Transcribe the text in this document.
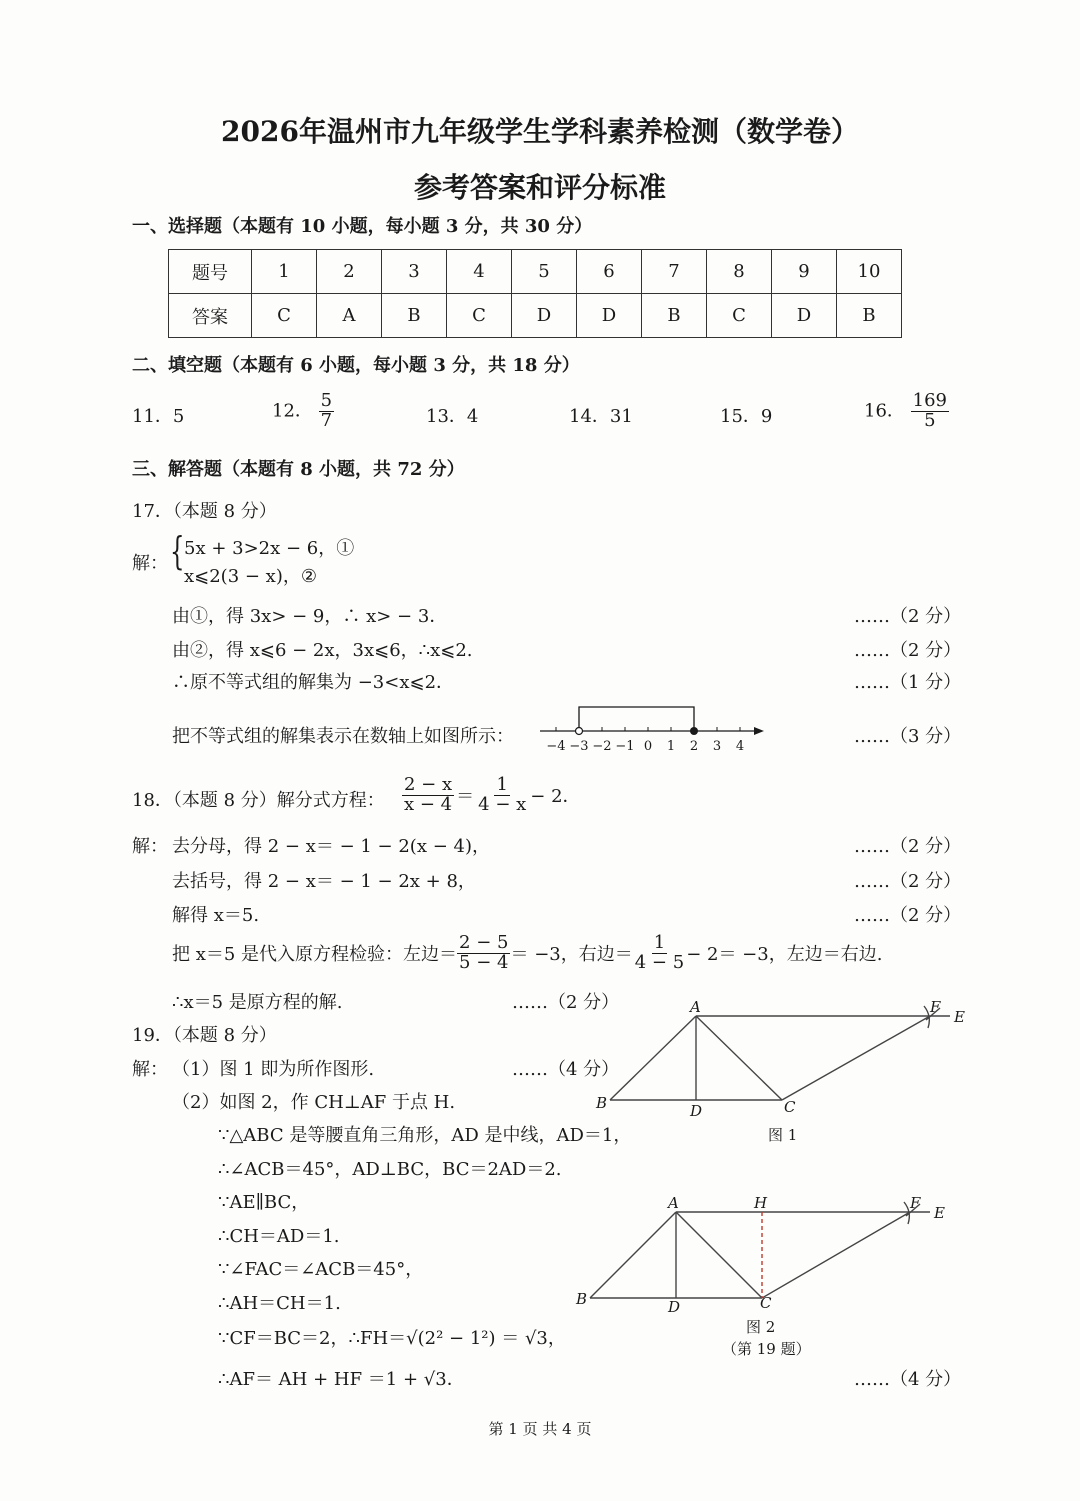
2026年温州市九年级学生学科素养检测（数学卷）
参考答案和评分标准
一、选择题（本题有 10 小题，每小题 3 分，共 30 分）
题号	1	2	3	4	5	6	7	8	9	10
答案	C	A	B	C	D	D	B	C	D	B
二、填空题（本题有 6 小题，每小题 3 分，共 18 分）
11．5	12． $\frac{5}{7}$	13．4	14．31	15．9	16． $\frac{169}{5}$
三、解答题（本题有 8 小题，共 72 分）
17．（本题 8 分）
解： { 5x + 3>2x − 6，①
x⩽2(3 − x)，②
由①，得 3x> − 9，∴ x> − 3．	……（2 分）
由②，得 x⩽6 − 2x，3x⩽6，∴x⩽2.	……（2 分）
∴原不等式组的解集为 −3<x⩽2．	……（1 分）
把不等式组的解集表示在数轴上如图所示：	……（3 分）
−4 −3 −2 −1 0 1 2 3 4
18．（本题 8 分）解分式方程： $\frac{2 - x}{x - 4} = \frac{1}{4 - x} - 2$．
解： 去分母，得 2 − x＝ − 1 − 2(x − 4)，	……（2 分）
去括号，得 2 − x＝ − 1 − 2x + 8，	……（2 分）
解得 x＝5.	……（2 分）
把 x＝5 是代入原方程检验：左边＝ $\frac{2 - 5}{5 - 4} = -3$，右边＝ $\frac{1}{4 - 5} - 2= -3$，左边＝右边.
∴x＝5 是原方程的解.	……（2 分）
19．（本题 8 分）
解： （1）图 1 即为所作图形.	……（4 分）
（2）如图 2，作 CH⊥AF 于点 H.
∵△ABC 是等腰直角三角形，AD 是中线，AD＝1，
∴∠ACB＝45°，AD⊥BC，BC＝2AD＝2.
∵AE∥BC，
∴CH＝AD＝1.
∵∠FAC＝∠ACB＝45°，
∴AH＝CH＝1.
∵CF＝BC＝2，∴FH＝√(2² − 1²) ＝ √3，
∴AF＝ AH + HF ＝1 + √3．	……（4 分）
A
B	D	C
F
E
图 1
A	H
B	D	C
F
E
图 2
（第 19 题）
第 1 页 共 4 页
